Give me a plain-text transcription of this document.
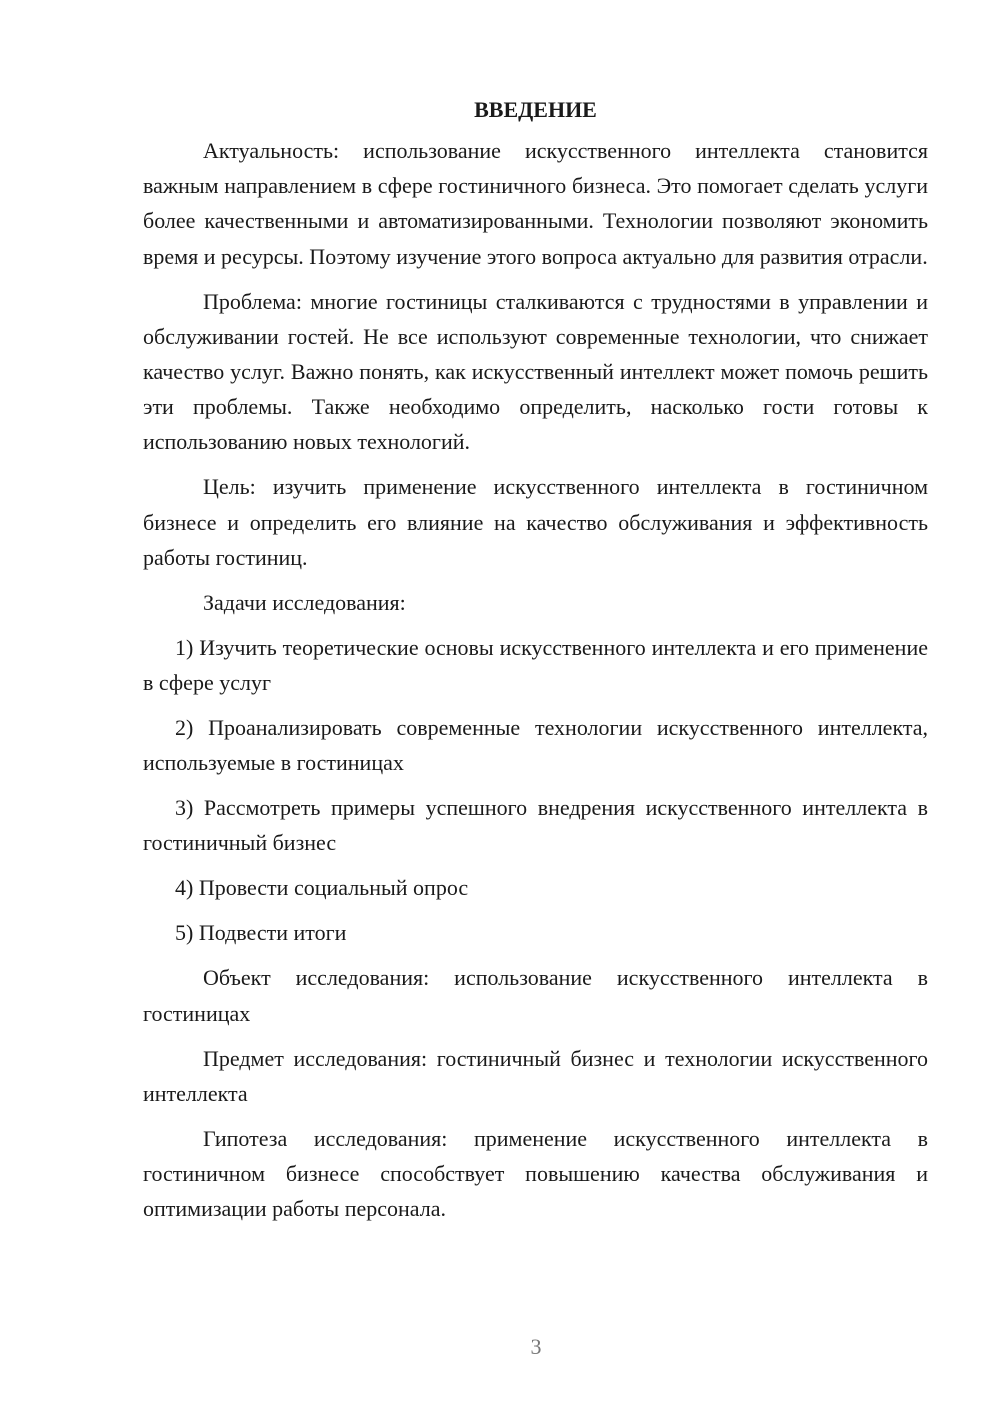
ВВЕДЕНИЕ

Актуальность: использование искусственного интеллекта становится важным направлением в сфере гостиничного бизнеса. Это помогает сделать услуги более качественными и автоматизированными. Технологии позволяют экономить время и ресурсы. Поэтому изучение этого вопроса актуально для развития отрасли.

Проблема: многие гостиницы сталкиваются с трудностями в управлении и обслуживании гостей. Не все используют современные технологии, что снижает качество услуг. Важно понять, как искусственный интеллект может помочь решить эти проблемы. Также необходимо определить, насколько гости готовы к использованию новых технологий.

Цель: изучить применение искусственного интеллекта в гостиничном бизнесе и определить его влияние на качество обслуживания и эффективность работы гостиниц.

Задачи исследования:

1) Изучить теоретические основы искусственного интеллекта и его применение в сфере услуг

2) Проанализировать современные технологии искусственного интеллекта, используемые в гостиницах

3) Рассмотреть примеры успешного внедрения искусственного интеллекта в гостиничный бизнес

4) Провести социальный опрос

5) Подвести итоги

Объект исследования: использование искусственного интеллекта в гостиницах

Предмет исследования: гостиничный бизнес и технологии искусственного интеллекта

Гипотеза исследования: применение искусственного интеллекта в гостиничном бизнесе способствует повышению качества обслуживания и оптимизации работы персонала.

3
